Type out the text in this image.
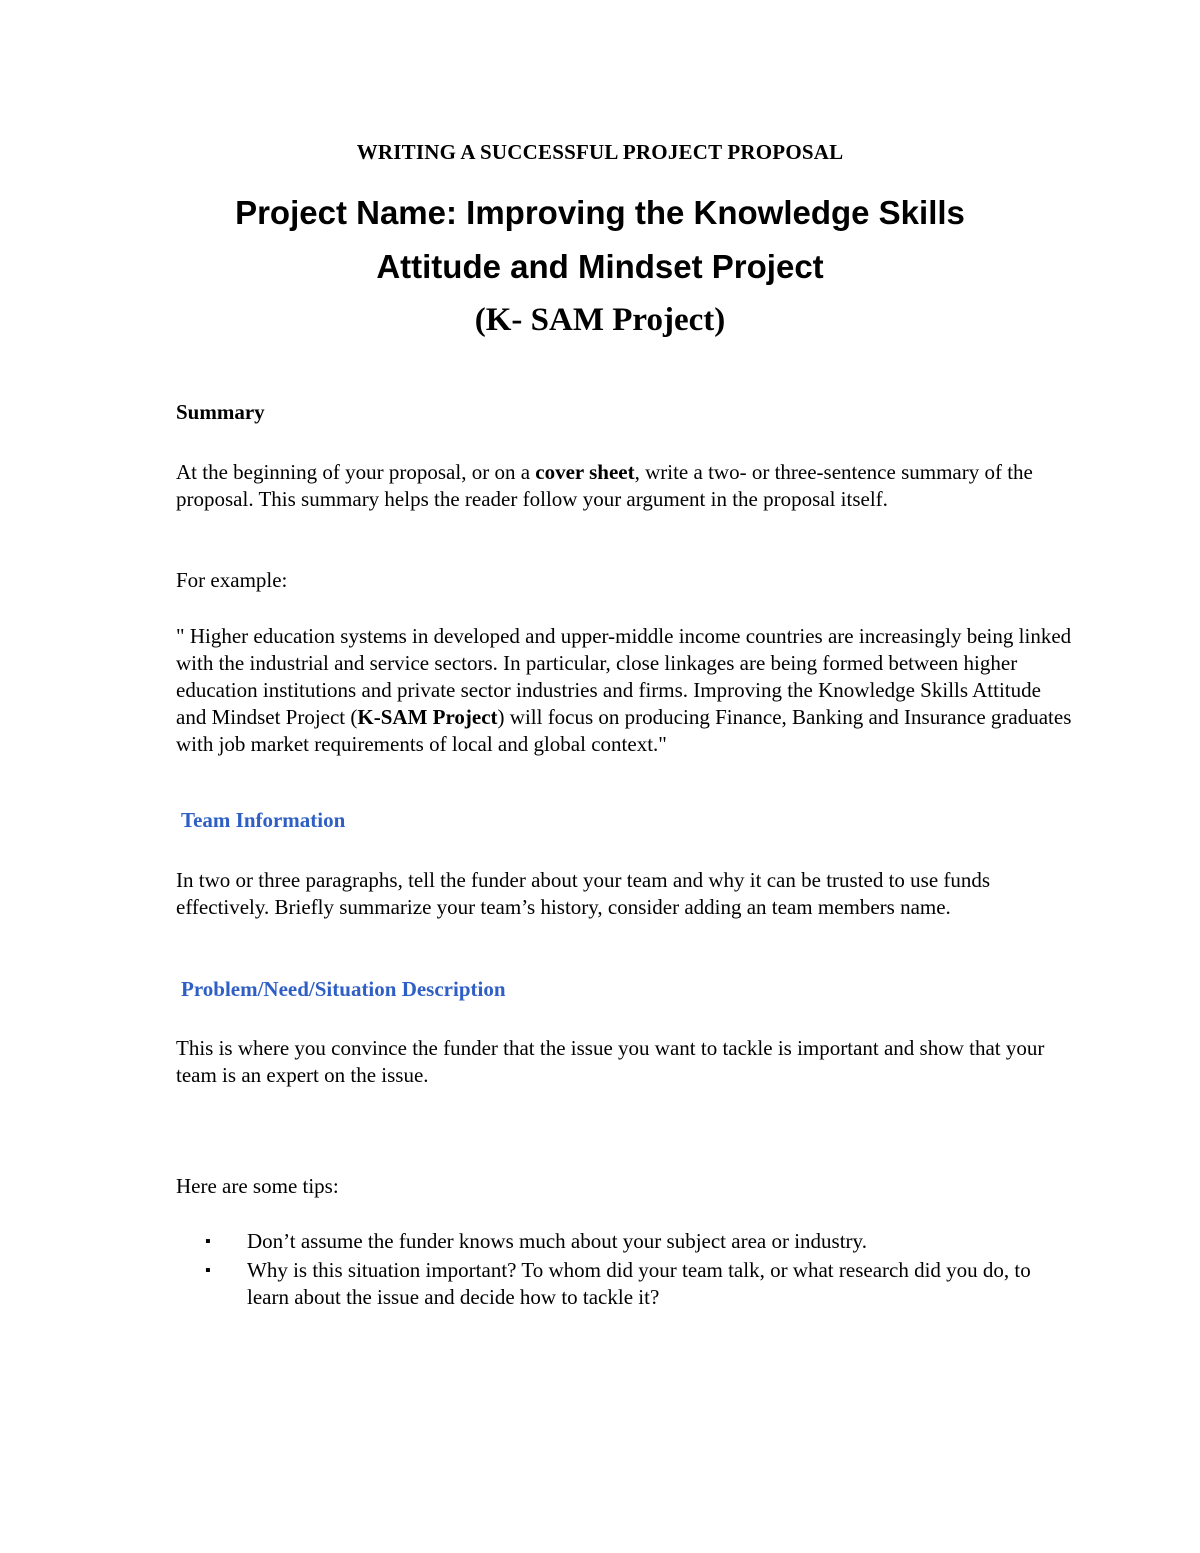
WRITING A SUCCESSFUL PROJECT PROPOSAL

Project Name: Improving the Knowledge Skills

Attitude and Mindset Project

(K- SAM Project)

Summary

At the beginning of your proposal, or on a cover sheet, write a two- or three-sentence summary of the proposal. This summary helps the reader follow your argument in the proposal itself.

For example:

" Higher education systems in developed and upper-middle income countries are increasingly being linked with the industrial and service sectors. In particular, close linkages are being formed between higher education institutions and private sector industries and firms. Improving the Knowledge Skills Attitude and Mindset Project (K-SAM Project) will focus on producing Finance, Banking and Insurance graduates with job market requirements of local and global context."

Team Information

In two or three paragraphs, tell the funder about your team and why it can be trusted to use funds effectively. Briefly summarize your team’s history, consider adding an team members name.

Problem/Need/Situation Description

This is where you convince the funder that the issue you want to tackle is important and show that your team is an expert on the issue.

Here are some tips:

▪ Don’t assume the funder knows much about your subject area or industry.
▪ Why is this situation important? To whom did your team talk, or what research did you do, to learn about the issue and decide how to tackle it?
